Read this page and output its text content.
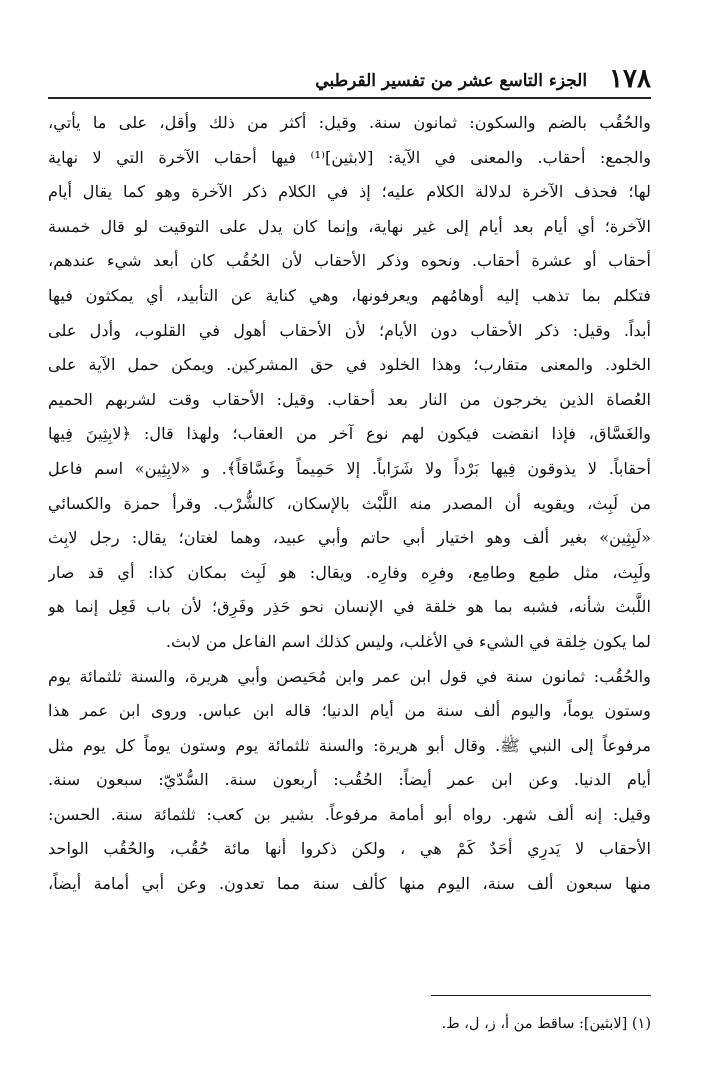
١٧٨
الجزء التاسع عشر من تفسير القرطبي
والحُقُب بالضم والسكون: ثمانون سنة. وقيل: أكثر من ذلك وأقل، على ما يأتي،
والجمع: أحقاب. والمعنى في الآية: [لابثين]⁽¹⁾ فيها أحقاب الآخرة التي لا نهاية
لها؛ فحذف الآخرة لدلالة الكلام عليه؛ إذ في الكلام ذكر الآخرة وهو كما يقال أيام
الآخرة؛ أي أيام بعد أيام إلى غير نهاية، وإنما كان يدل على التوقيت لو قال خمسة
أحقاب أو عشرة أحقاب. ونحوه وذكر الأحقاب لأن الحُقُب كان أبعد شيء عندهم،
فتكلم بما تذهب إليه أوهامُهم ويعرفونها، وهي كناية عن التأبيد، أي يمكثون فيها
أبداً. وقيل: ذكر الأحقاب دون الأيام؛ لأن الأحقاب أهول في القلوب، وأدل على
الخلود. والمعنى متقارب؛ وهذا الخلود في حق المشركين. ويمكن حمل الآية على
العُصاة الذين يخرجون من النار بعد أحقاب. وقيل: الأحقاب وقت لشربهم الحميم
والغَسَّاق، فإذا انقضت فيكون لهم نوع آخر من العقاب؛ ولهذا قال: ﴿لابِثِينَ فِيها
أحقاباً. لا يذوقون فِيها بَرْداً ولا شَرَاباً. إلا حَمِيماً وغَسَّاقاً﴾. و «لابِثِين» اسم فاعل
من لَبِث، ويقويه أن المصدر منه اللَّبْث بالإسكان، كالشُّرْب. وقرأ حمزة والكسائي
«لَبِثِين» بغير ألف وهو اختيار أبي حاتم وأبي عبيد، وهما لغتان؛ يقال: رجل لابِث
ولَبِث، مثل طمِع وطامِع، وفرِه وفارِه. ويقال: هو لَبِث بمكان كذا: أي قد صار
اللَّبث شأنه، فشبه بما هو خلقة في الإنسان نحو حَذِر وفَرِق؛ لأن باب فَعِل إنما هو
لما يكون خِلقة في الشيء في الأغلب، وليس كذلك اسم الفاعل من لابث.
والحُقُب: ثمانون سنة في قول ابن عمر وابن مُحَيصن وأبي هريرة، والسنة ثلثمائة يوم
وستون يوماً، واليوم ألف سنة من أيام الدنيا؛ قاله ابن عباس. وروى ابن عمر هذا
مرفوعاً إلى النبي ﷺ. وقال أبو هريرة: والسنة ثلثمائة يوم وستون يوماً كل يوم مثل
أيام الدنيا. وعن ابن عمر أيضاً: الحُقُب: أربعون سنة. السُّدّيّ: سبعون سنة.
وقيل: إنه ألف شهر. رواه أبو أمامة مرفوعاً. بشير بن كعب: ثلثمائة سنة. الحسن:
الأحقاب لا يَدرِي أحَدٌ كَمْ هي ، ولكن ذكروا أنها مائة حُقُب، والحُقُب الواحد
منها سبعون ألف سنة، اليوم منها كألف سنة مما تعدون. وعن أبي أمامة أيضاً،
(١) [لابثين]: ساقط من أ، ز، ل، ط.
